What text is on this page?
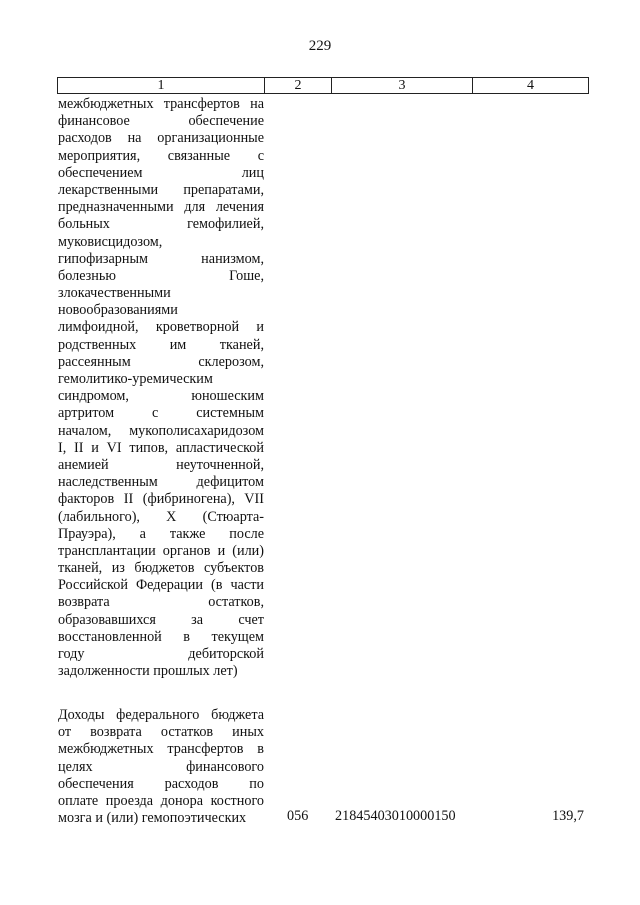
229
1	2	3	4
межбюджетных трансфертов на
финансовое обеспечение
расходов на организационные
мероприятия, связанные с
обеспечением лиц
лекарственными препаратами,
предназначенными для лечения
больных гемофилией,
муковисцидозом,
гипофизарным нанизмом,
болезнью Гоше,
злокачественными
новообразованиями
лимфоидной, кроветворной и
родственных им тканей,
рассеянным склерозом,
гемолитико-уремическим
синдромом, юношеским
артритом с системным
началом, мукополисахаридозом
I, II и VI типов, апластической
анемией неуточненной,
наследственным дефицитом
факторов II (фибриногена), VII
(лабильного), X (Стюарта-
Прауэра), а также после
трансплантации органов и (или)
тканей, из бюджетов субъектов
Российской Федерации (в части
возврата остатков,
образовавшихся за счет
восстановленной в текущем
году дебиторской
задолженности прошлых лет)
Доходы федерального бюджета
от возврата остатков иных
межбюджетных трансфертов в
целях финансового
обеспечения расходов по
оплате проезда донора костного
мозга и (или) гемопоэтических	056 21845403010000150	139,7
